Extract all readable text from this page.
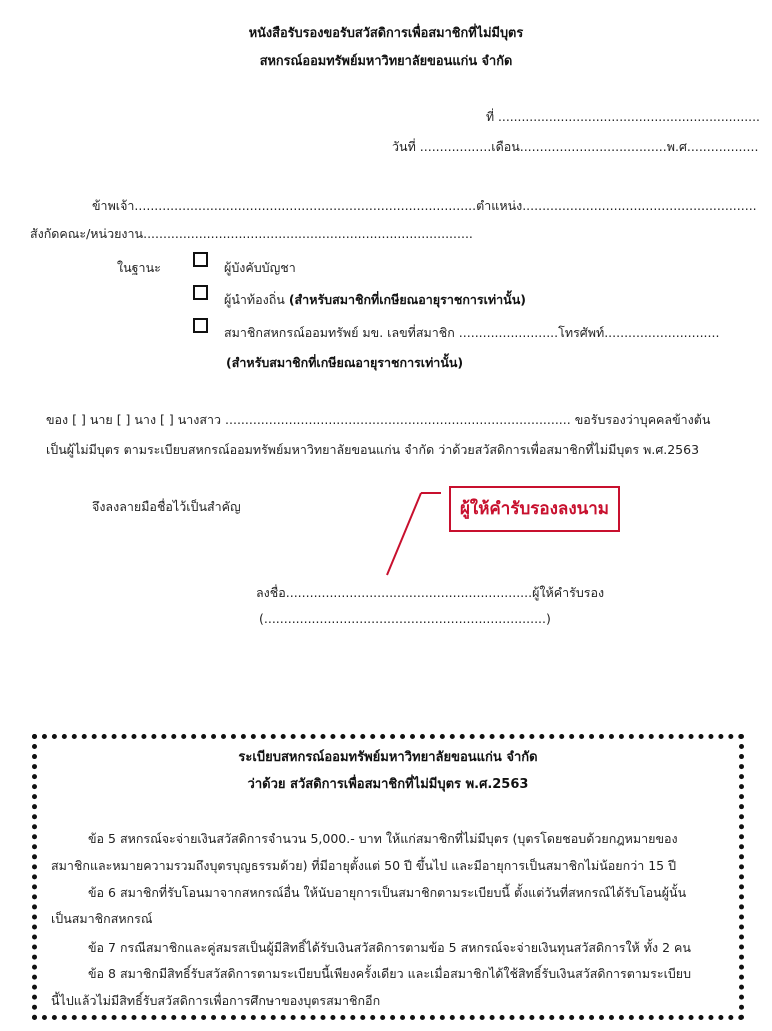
หนังสือรับรองขอรับสวัสดิการเพื่อสมาชิกที่ไม่มีบุตร
สหกรณ์ออมทรัพย์มหาวิทยาลัยขอนแก่น จำกัด
ที่ ...................................................................
วันที่ ..................เดือน.....................................พ.ศ..................
ข้าพเจ้า......................................................................................ตำแหน่ง...........................................................
สังกัดคณะ/หน่วยงาน...................................................................................
ในฐานะ	ผู้บังคับบัญชา
ผู้นำท้องถิ่น (สำหรับสมาชิกที่เกษียณอายุราชการเท่านั้น)
สมาชิกสหกรณ์ออมทรัพย์ มข. เลขที่สมาชิก .........................โทรศัพท์.............................
(สำหรับสมาชิกที่เกษียณอายุราชการเท่านั้น)
ของ [ ] นาย [ ] นาง [ ] นางสาว ....................................................................................... ขอรับรองว่าบุคคลข้างต้น
เป็นผู้ไม่มีบุตร ตามระเบียบสหกรณ์ออมทรัพย์มหาวิทยาลัยขอนแก่น จำกัด ว่าด้วยสวัสดิการเพื่อสมาชิกที่ไม่มีบุตร พ.ศ.2563
จึงลงลายมือชื่อไว้เป็นสำคัญ	ผู้ให้คำรับรองลงนาม
ลงชื่อ..............................................................ผู้ให้คำรับรอง
(.......................................................................)
ระเบียบสหกรณ์ออมทรัพย์มหาวิทยาลัยขอนแก่น จำกัด
ว่าด้วย สวัสดิการเพื่อสมาชิกที่ไม่มีบุตร พ.ศ.2563
ข้อ 5 สหกรณ์จะจ่ายเงินสวัสดิการจำนวน 5,000.- บาท ให้แก่สมาชิกที่ไม่มีบุตร (บุตรโดยชอบด้วยกฎหมายของ
สมาชิกและหมายความรวมถึงบุตรบุญธรรมด้วย) ที่มีอายุตั้งแต่ 50 ปี ขึ้นไป และมีอายุการเป็นสมาชิกไม่น้อยกว่า 15 ปี
ข้อ 6 สมาชิกที่รับโอนมาจากสหกรณ์อื่น ให้นับอายุการเป็นสมาชิกตามระเบียบนี้ ตั้งแต่วันที่สหกรณ์ได้รับโอนผู้นั้น
เป็นสมาชิกสหกรณ์
ข้อ 7 กรณีสมาชิกและคู่สมรสเป็นผู้มีสิทธิ์ได้รับเงินสวัสดิการตามข้อ 5 สหกรณ์จะจ่ายเงินทุนสวัสดิการให้ ทั้ง 2 คน
ข้อ 8 สมาชิกมีสิทธิ์รับสวัสดิการตามระเบียบนี้เพียงครั้งเดียว และเมื่อสมาชิกได้ใช้สิทธิ์รับเงินสวัสดิการตามระเบียบ
นี้ไปแล้วไม่มีสิทธิ์รับสวัสดิการเพื่อการศึกษาของบุตรสมาชิกอีก
